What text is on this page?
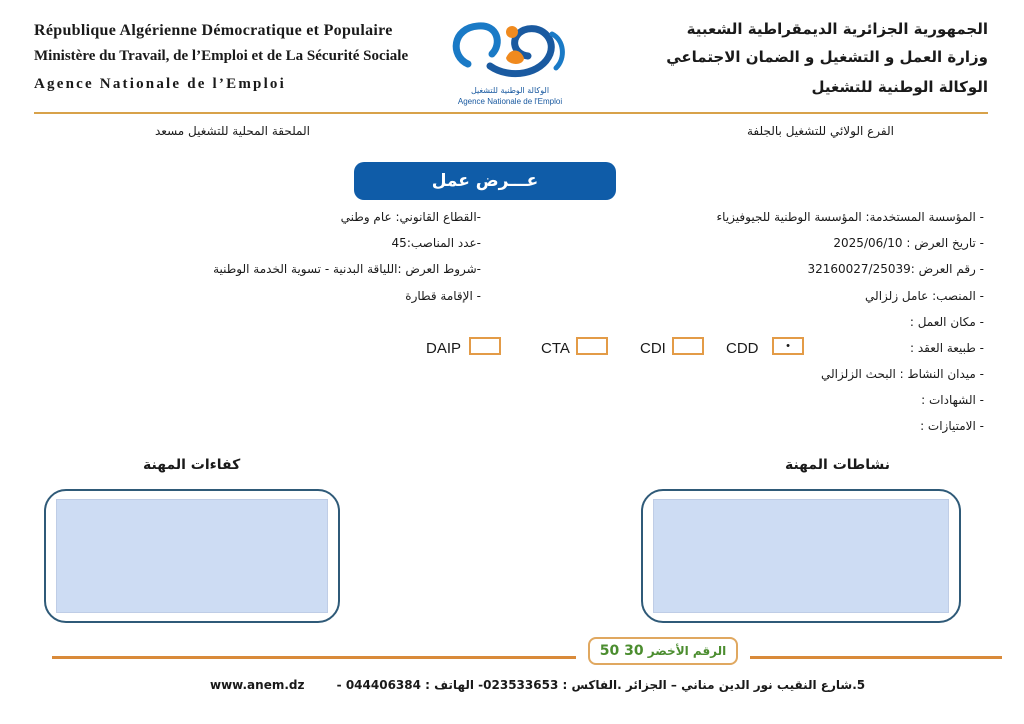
République Algérienne Démocratique et Populaire
Ministère du Travail, de l’Emploi et de La Sécurité Sociale
Agence Nationale de l’Emploi	الوكالة الوطنية للتشغيل
Agence Nationale de l'Emploi
الجمهورية الجزائرية الديمقراطية الشعبية
وزارة العمل و التشغيل و الضمان الاجتماعي
الوكالة الوطنية للتشغيل
الملحقة المحلية للتشغيل مسعد	الفرع الولائي للتشغيل بالجلفة
عـــرض عمل
- المؤسسة المستخدمة: المؤسسة الوطنية للجيوفيزياء
- تاريخ العرض : 2025/06/10
- رقم العرض :32160027/25039
- المنصب: عامل زلزالي
- مكان العمل :
- طبيعة العقد :
- ميدان النشاط : البحث الزلزالي
- الشهادات :
- الامتيازات :
-القطاع القانوني: عام وطني
-عدد المناصب:45
-شروط العرض :اللياقة البدنية - تسوية الخدمة الوطنية
- الإقامة قطارة
CDD	•
CDI
CTA
DAIP
نشاطات المهنة
كفاءات المهنة
الرقم الأخضر 30 50
www.anem.dz	5.شارع النقيب نور الدين مناني – الجزائر .الفاكس : 023533653- الهاتف : 044406384 -
